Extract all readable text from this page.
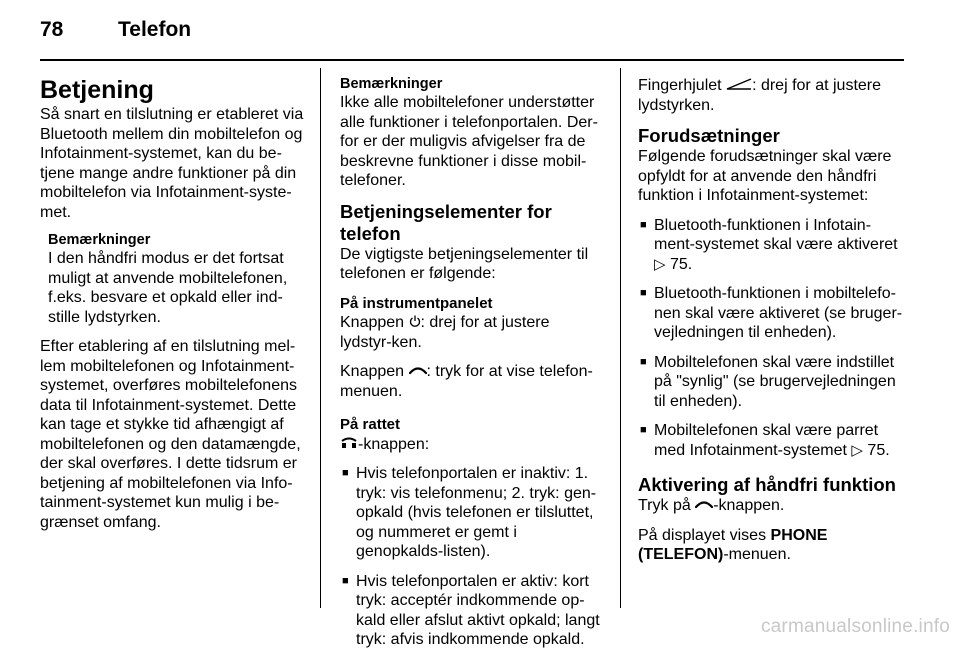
78	Telefon
Betjening

Så snart en tilslutning er etableret via Bluetooth mellem din mobiltelefon og Infotainment-systemet, kan du be-tjene mange andre funktioner på din mobiltelefon via Infotainment-syste-met.

Bemærkninger
I den håndfri modus er det fortsat muligt at anvende mobiltelefonen, f.eks. besvare et opkald eller ind-stille lydstyrken.

Efter etablering af en tilslutning mel-lem mobiltelefonen og Infotainment-systemet, overføres mobiltelefonens data til Infotainment-systemet. Dette kan tage et stykke tid afhængigt af mobiltelefonen og den datamængde, der skal overføres. I dette tidsrum er betjening af mobiltelefonen via Info-tainment-systemet kun mulig i be-grænset omfang.

Bemærkninger
Ikke alle mobiltelefoner understøtter alle funktioner i telefonportalen. Der-for er der muligvis afvigelser fra de beskrevne funktioner i disse mobil-telefoner.
Betjeningselementer for telefon

De vigtigste betjeningselementer til telefonen er følgende:

På instrumentpanelet

Knappen : drej for at justere lydstyr-ken.

Knappen : tryk for at vise telefon-menuen.

På rattet

-knappen:

■ Hvis telefonportalen er inaktiv: 1. tryk: vis telefonmenu; 2. tryk: gen-opkald (hvis telefonen er tilsluttet, og nummeret er gemt i genopkalds-listen).
■ Hvis telefonportalen er aktiv: kort tryk: acceptér indkommende op-kald eller afslut aktivt opkald; langt tryk: afvis indkommende opkald.

Fingerhjulet : drej for at justere lydstyrken.

Forudsætninger

Følgende forudsætninger skal være opfyldt for at anvende den håndfri funktion i Infotainment-systemet:

■ Bluetooth-funktionen i Infotain-ment-systemet skal være aktiveret ▷ 75.
■ Bluetooth-funktionen i mobiltelefo-nen skal være aktiveret (se bruger-vejledningen til enheden).
■ Mobiltelefonen skal være indstillet på "synlig" (se brugervejledningen til enheden).
■ Mobiltelefonen skal være parret med Infotainment-systemet ▷ 75.
Aktivering af håndfri funktion

Tryk på -knappen.

På displayet vises PHONE (TELEFON)-menuen.

carmanualsonline.info
